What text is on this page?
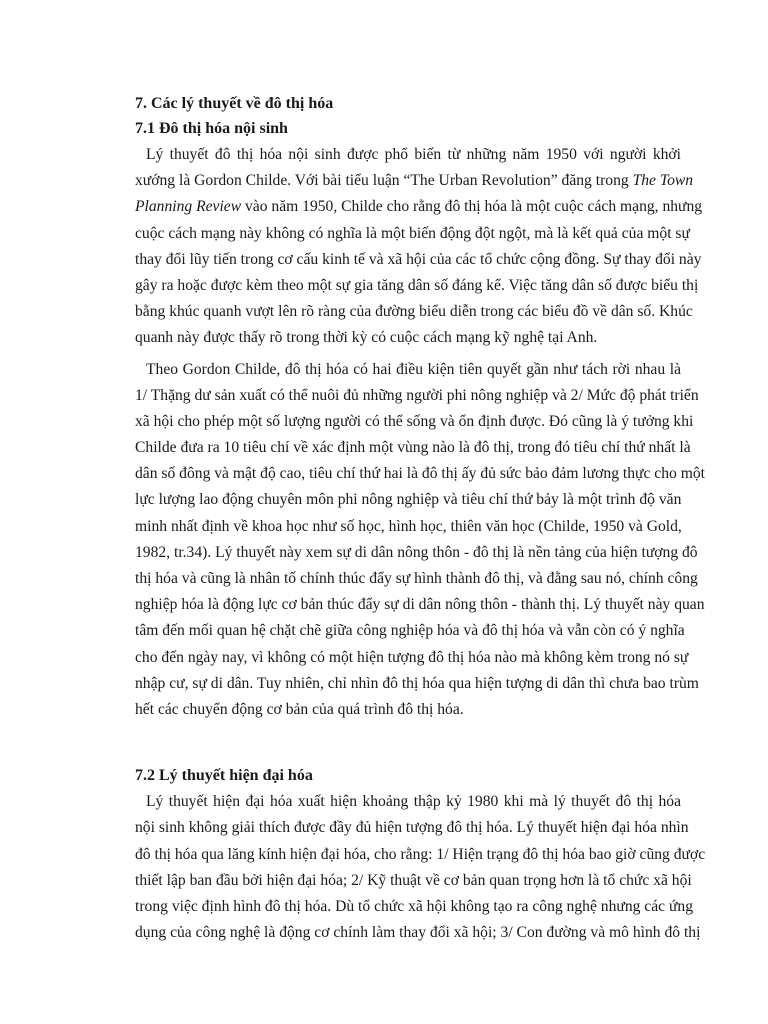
7. Các lý thuyết về đô thị hóa
7.1 Đô thị hóa nội sinh
Lý thuyết đô thị hóa nội sinh được phổ biến từ những năm 1950 với người khởi
xướng là Gordon Childe. Với bài tiểu luận “The Urban Revolution” đăng trong The Town
Planning Review vào năm 1950, Childe cho rằng đô thị hóa là một cuộc cách mạng, nhưng
cuộc cách mạng này không có nghĩa là một biến động đột ngột, mà là kết quả của một sự
thay đổi lũy tiến trong cơ cấu kinh tế và xã hội của các tổ chức cộng đồng. Sự thay đổi này
gây ra hoặc được kèm theo một sự gia tăng dân số đáng kể. Việc tăng dân số được biểu thị
bằng khúc quanh vượt lên rõ ràng của đường biểu diễn trong các biểu đồ về dân số. Khúc
quanh này được thấy rõ trong thời kỳ có cuộc cách mạng kỹ nghệ tại Anh.
Theo Gordon Childe, đô thị hóa có hai điều kiện tiên quyết gần như tách rời nhau là
1/ Thặng dư sản xuất có thể nuôi đủ những người phi nông nghiệp và 2/ Mức độ phát triển
xã hội cho phép một số lượng người có thể sống và ổn định được. Đó cũng là ý tưởng khi
Childe đưa ra 10 tiêu chí về xác định một vùng nào là đô thị, trong đó tiêu chí thứ nhất là
dân số đông và mật độ cao, tiêu chí thứ hai là đô thị ấy đủ sức bảo đảm lương thực cho một
lực lượng lao động chuyên môn phi nông nghiệp và tiêu chí thứ bảy là một trình độ văn
minh nhất định về khoa học như số học, hình học, thiên văn học (Childe, 1950 và Gold,
1982, tr.34). Lý thuyết này xem sự di dân nông thôn - đô thị là nền tảng của hiện tượng đô
thị hóa và cũng là nhân tố chính thúc đẩy sự hình thành đô thị, và đằng sau nó, chính công
nghiệp hóa là động lực cơ bản thúc đẩy sự di dân nông thôn - thành thị. Lý thuyết này quan
tâm đến mối quan hệ chặt chẽ giữa công nghiệp hóa và đô thị hóa và vẫn còn có ý nghĩa
cho đến ngày nay, vì không có một hiện tượng đô thị hóa nào mà không kèm trong nó sự
nhập cư, sự di dân. Tuy nhiên, chỉ nhìn đô thị hóa qua hiện tượng di dân thì chưa bao trùm
hết các chuyển động cơ bản của quá trình đô thị hóa.
7.2 Lý thuyết hiện đại hóa
Lý thuyết hiện đại hóa xuất hiện khoảng thập kỷ 1980 khi mà lý thuyết đô thị hóa
nội sinh không giải thích được đầy đủ hiện tượng đô thị hóa. Lý thuyết hiện đại hóa nhìn
đô thị hóa qua lăng kính hiện đại hóa, cho rằng: 1/ Hiện trạng đô thị hóa bao giờ cũng được
thiết lập ban đầu bởi hiện đại hóa; 2/ Kỹ thuật về cơ bản quan trọng hơn là tổ chức xã hội
trong việc định hình đô thị hóa. Dù tổ chức xã hội không tạo ra công nghệ nhưng các ứng
dụng của công nghệ là động cơ chính làm thay đổi xã hội; 3/ Con đường và mô hình đô thị
